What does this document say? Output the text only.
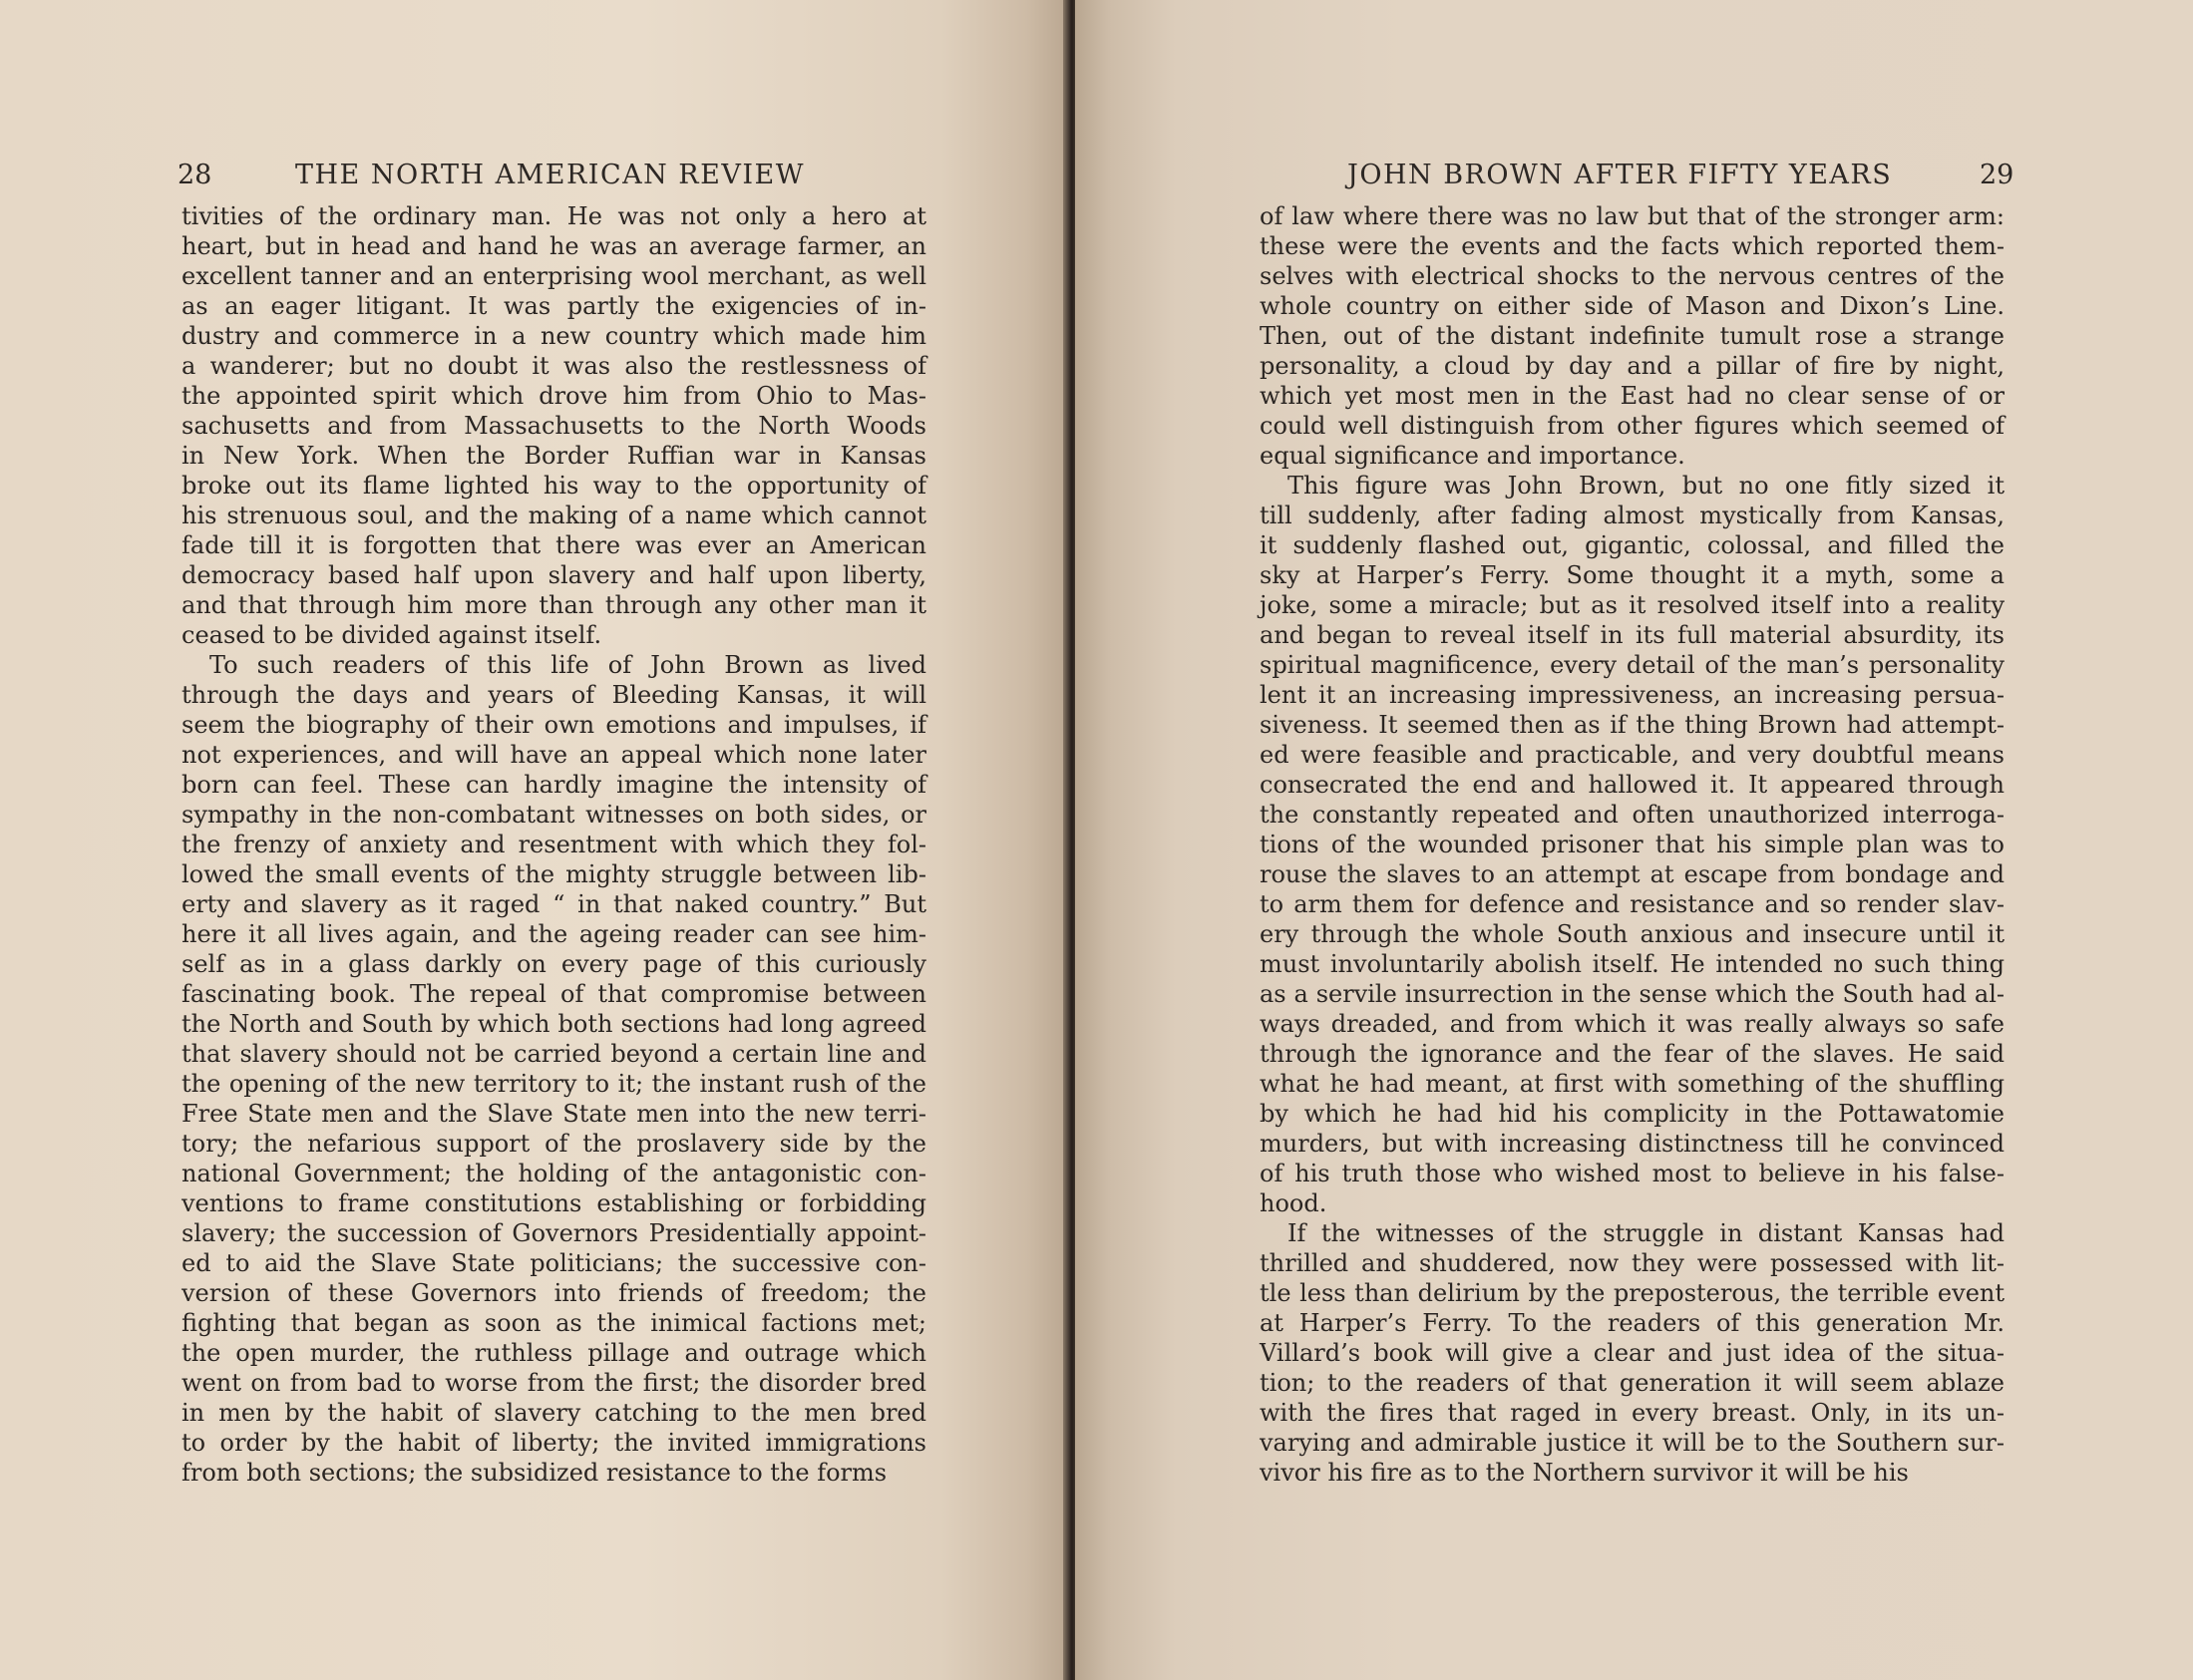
28	THE NORTH AMERICAN REVIEW
tivities of the ordinary man. He was not only a hero at
heart, but in head and hand he was an average farmer, an
excellent tanner and an enterprising wool merchant, as well
as an eager litigant. It was partly the exigencies of in-
dustry and commerce in a new country which made him
a wanderer; but no doubt it was also the restlessness of
the appointed spirit which drove him from Ohio to Mas-
sachusetts and from Massachusetts to the North Woods
in New York. When the Border Ruffian war in Kansas
broke out its flame lighted his way to the opportunity of
his strenuous soul, and the making of a name which cannot
fade till it is forgotten that there was ever an American
democracy based half upon slavery and half upon liberty,
and that through him more than through any other man it
ceased to be divided against itself.
To such readers of this life of John Brown as lived
through the days and years of Bleeding Kansas, it will
seem the biography of their own emotions and impulses, if
not experiences, and will have an appeal which none later
born can feel. These can hardly imagine the intensity of
sympathy in the non-combatant witnesses on both sides, or
the frenzy of anxiety and resentment with which they fol-
lowed the small events of the mighty struggle between lib-
erty and slavery as it raged “ in that naked country.” But
here it all lives again, and the ageing reader can see him-
self as in a glass darkly on every page of this curiously
fascinating book. The repeal of that compromise between
the North and South by which both sections had long agreed
that slavery should not be carried beyond a certain line and
the opening of the new territory to it; the instant rush of the
Free State men and the Slave State men into the new terri-
tory; the nefarious support of the proslavery side by the
national Government; the holding of the antagonistic con-
ventions to frame constitutions establishing or forbidding
slavery; the succession of Governors Presidentially appoint-
ed to aid the Slave State politicians; the successive con-
version of these Governors into friends of freedom; the
fighting that began as soon as the inimical factions met;
the open murder, the ruthless pillage and outrage which
went on from bad to worse from the first; the disorder bred
in men by the habit of slavery catching to the men bred
to order by the habit of liberty; the invited immigrations
from both sections; the subsidized resistance to the forms
JOHN BROWN AFTER FIFTY YEARS	29
of law where there was no law but that of the stronger arm:
these were the events and the facts which reported them-
selves with electrical shocks to the nervous centres of the
whole country on either side of Mason and Dixon’s Line.
Then, out of the distant indefinite tumult rose a strange
personality, a cloud by day and a pillar of fire by night,
which yet most men in the East had no clear sense of or
could well distinguish from other figures which seemed of
equal significance and importance.
This figure was John Brown, but no one fitly sized it
till suddenly, after fading almost mystically from Kansas,
it suddenly flashed out, gigantic, colossal, and filled the
sky at Harper’s Ferry. Some thought it a myth, some a
joke, some a miracle; but as it resolved itself into a reality
and began to reveal itself in its full material absurdity, its
spiritual magnificence, every detail of the man’s personality
lent it an increasing impressiveness, an increasing persua-
siveness. It seemed then as if the thing Brown had attempt-
ed were feasible and practicable, and very doubtful means
consecrated the end and hallowed it. It appeared through
the constantly repeated and often unauthorized interroga-
tions of the wounded prisoner that his simple plan was to
rouse the slaves to an attempt at escape from bondage and
to arm them for defence and resistance and so render slav-
ery through the whole South anxious and insecure until it
must involuntarily abolish itself. He intended no such thing
as a servile insurrection in the sense which the South had al-
ways dreaded, and from which it was really always so safe
through the ignorance and the fear of the slaves. He said
what he had meant, at first with something of the shuffling
by which he had hid his complicity in the Pottawatomie
murders, but with increasing distinctness till he convinced
of his truth those who wished most to believe in his false-
hood.
If the witnesses of the struggle in distant Kansas had
thrilled and shuddered, now they were possessed with lit-
tle less than delirium by the preposterous, the terrible event
at Harper’s Ferry. To the readers of this generation Mr.
Villard’s book will give a clear and just idea of the situa-
tion; to the readers of that generation it will seem ablaze
with the fires that raged in every breast. Only, in its un-
varying and admirable justice it will be to the Southern sur-
vivor his fire as to the Northern survivor it will be his
